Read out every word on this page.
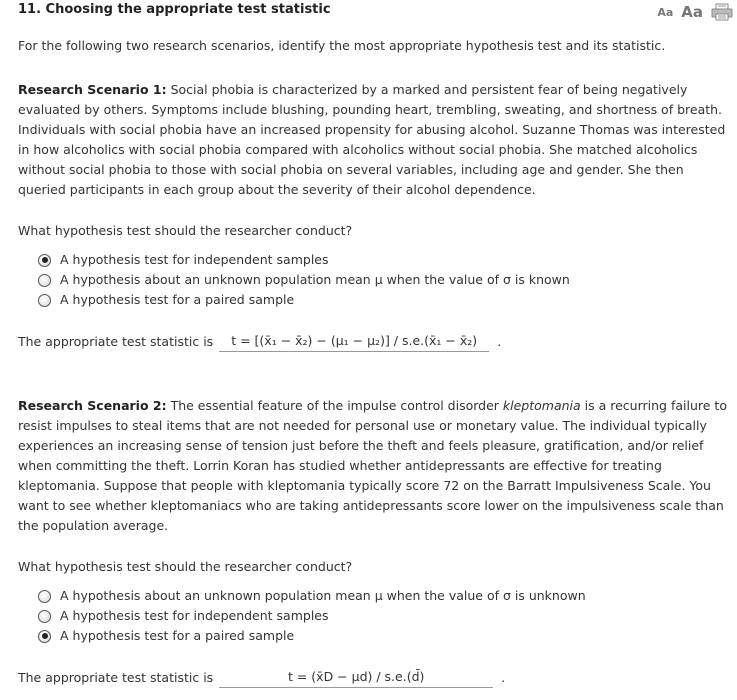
11. Choosing the appropriate test statistic	Aa Aa
For the following two research scenarios, identify the most appropriate hypothesis test and its statistic.
Research Scenario 1: Social phobia is characterized by a marked and persistent fear of being negatively evaluated by others. Symptoms include blushing, pounding heart, trembling, sweating, and shortness of breath. Individuals with social phobia have an increased propensity for abusing alcohol. Suzanne Thomas was interested in how alcoholics with social phobia compared with alcoholics without social phobia. She matched alcoholics without social phobia to those with social phobia on several variables, including age and gender. She then queried participants in each group about the severity of their alcohol dependence.
What hypothesis test should the researcher conduct?
A hypothesis test for independent samples
A hypothesis about an unknown population mean μ when the value of σ is known
A hypothesis test for a paired sample
The appropriate test statistic is	t = [(x̄₁ − x̄₂) − (μ₁ − μ₂)] / s.e.(x̄₁ − x̄₂)	.
Research Scenario 2: The essential feature of the impulse control disorder kleptomania is a recurring failure to resist impulses to steal items that are not needed for personal use or monetary value. The individual typically experiences an increasing sense of tension just before the theft and feels pleasure, gratification, and/or relief when committing the theft. Lorrin Koran has studied whether antidepressants are effective for treating kleptomania. Suppose that people with kleptomania typically score 72 on the Barratt Impulsiveness Scale. You want to see whether kleptomaniacs who are taking antidepressants score lower on the impulsiveness scale than the population average.
What hypothesis test should the researcher conduct?
A hypothesis about an unknown population mean μ when the value of σ is unknown
A hypothesis test for independent samples
A hypothesis test for a paired sample
The appropriate test statistic is	t = (x̄D − μd) / s.e.(d̄)	.
